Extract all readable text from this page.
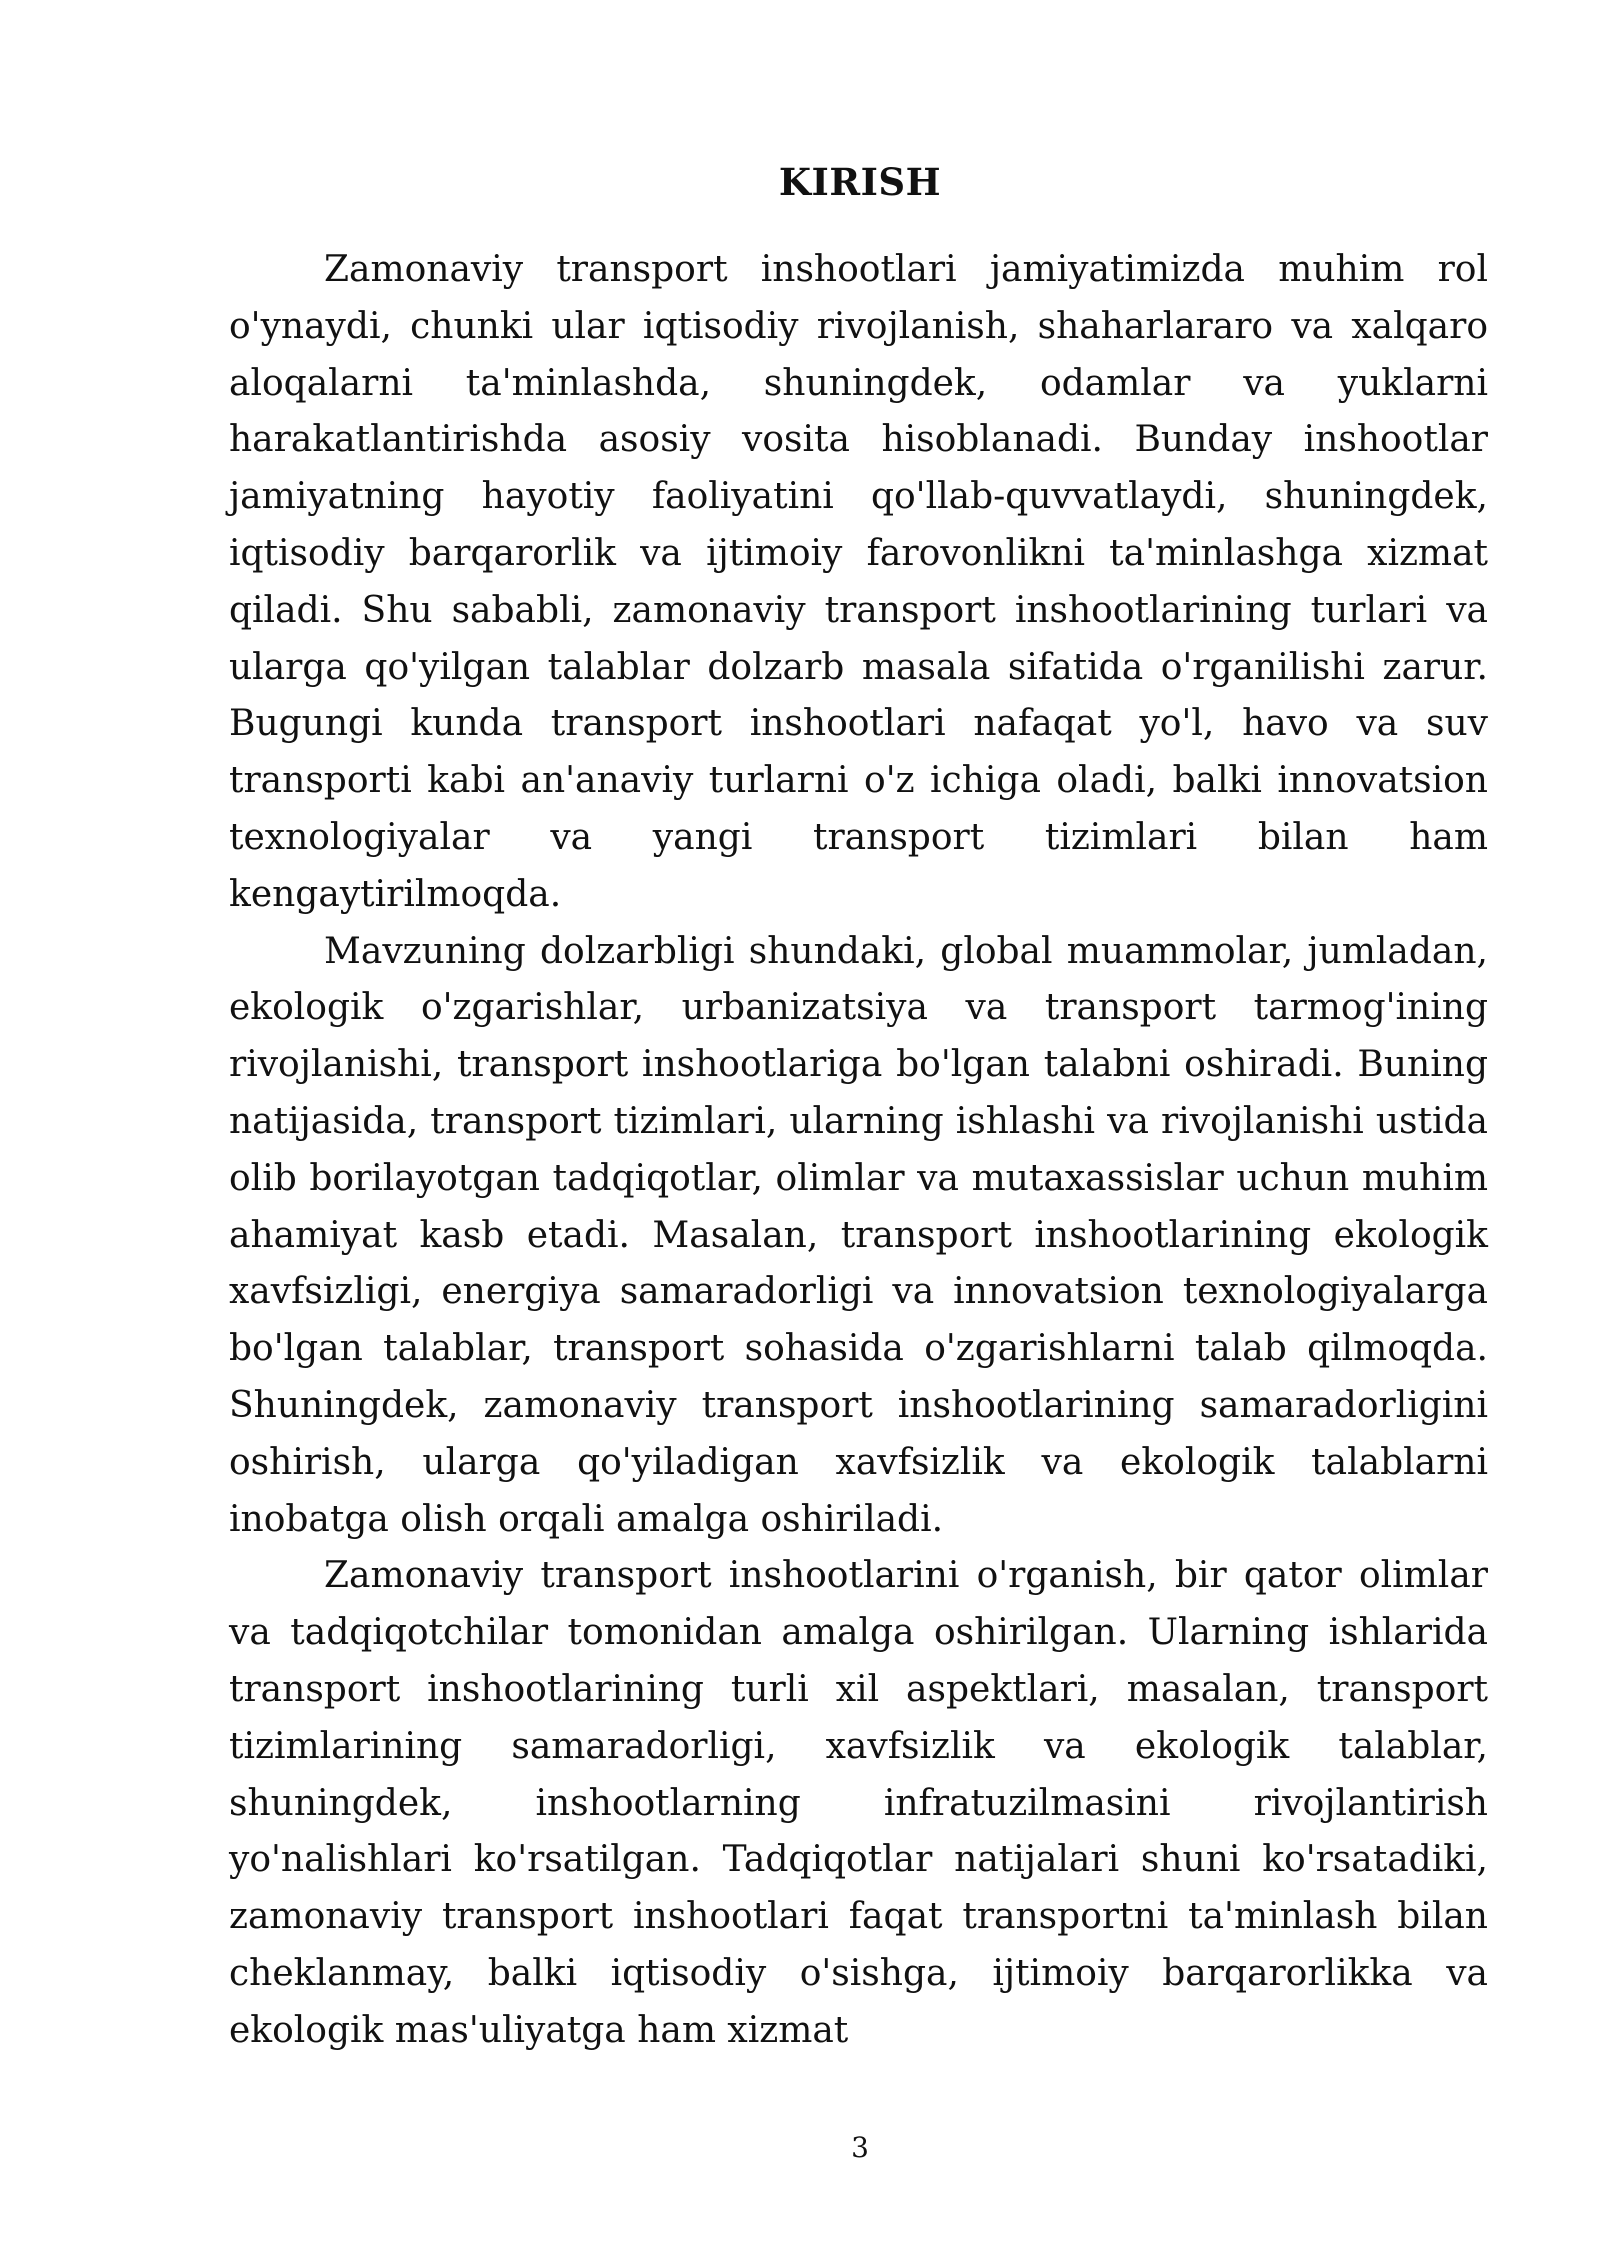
KIRISH

Zamonaviy transport inshootlari jamiyatimizda muhim rol o'ynaydi, chunki ular iqtisodiy rivojlanish, shaharlararo va xalqaro aloqalarni ta'minlashda, shuningdek, odamlar va yuklarni harakatlantirishda asosiy vosita hisoblanadi. Bunday inshootlar jamiyatning hayotiy faoliyatini qo'llab-quvvatlaydi, shuningdek, iqtisodiy barqarorlik va ijtimoiy farovonlikni ta'minlashga xizmat qiladi. Shu sababli, zamonaviy transport inshootlarining turlari va ularga qo'yilgan talablar dolzarb masala sifatida o'rganilishi zarur. Bugungi kunda transport inshootlari nafaqat yo'l, havo va suv transporti kabi an'anaviy turlarni o'z ichiga oladi, balki innovatsion texnologiyalar va yangi transport tizimlari bilan ham kengaytirilmoqda.

Mavzuning dolzarbligi shundaki, global muammolar, jumladan, ekologik o'zgarishlar, urbanizatsiya va transport tarmog'ining rivojlanishi, transport inshootlariga bo'lgan talabni oshiradi. Buning natijasida, transport tizimlari, ularning ishlashi va rivojlanishi ustida olib borilayotgan tadqiqotlar, olimlar va mutaxassislar uchun muhim ahamiyat kasb etadi. Masalan, transport inshootlarining ekologik xavfsizligi, energiya samaradorligi va innovatsion texnologiyalarga bo'lgan talablar, transport sohasida o'zgarishlarni talab qilmoqda. Shuningdek, zamonaviy transport inshootlarining samaradorligini oshirish, ularga qo'yiladigan xavfsizlik va ekologik talablarni inobatga olish orqali amalga oshiriladi.

Zamonaviy transport inshootlarini o'rganish, bir qator olimlar va tadqiqotchilar tomonidan amalga oshirilgan. Ularning ishlarida transport inshootlarining turli xil aspektlari, masalan, transport tizimlarining samaradorligi, xavfsizlik va ekologik talablar, shuningdek, inshootlarning infratuzilmasini rivojlantirish yo'nalishlari ko'rsatilgan. Tadqiqotlar natijalari shuni ko'rsatadiki, zamonaviy transport inshootlari faqat transportni ta'minlash bilan cheklanmay, balki iqtisodiy o'sishga, ijtimoiy barqarorlikka va ekologik mas'uliyatga ham xizmat

3
